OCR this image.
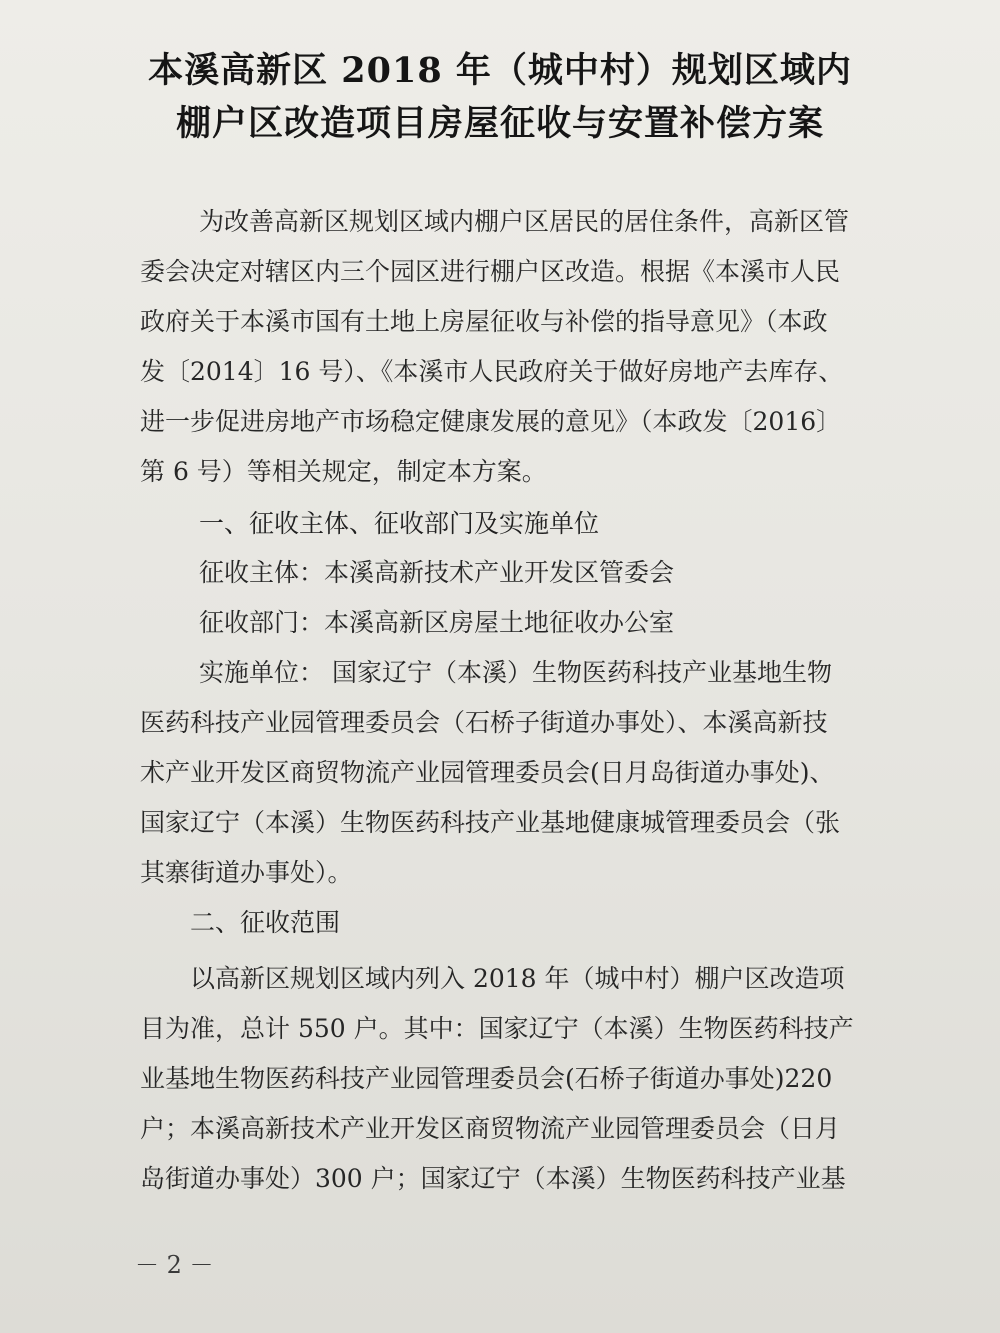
本溪高新区 2018 年（城中村）规划区域内
棚户区改造项目房屋征收与安置补偿方案
为改善高新区规划区域内棚户区居民的居住条件，高新区管
委会决定对辖区内三个园区进行棚户区改造。根据《本溪市人民
政府关于本溪市国有土地上房屋征收与补偿的指导意见》（本政
发〔2014〕16 号）、《本溪市人民政府关于做好房地产去库存、
进一步促进房地产市场稳定健康发展的意见》（本政发〔2016〕
第 6 号）等相关规定，制定本方案。
一、征收主体、征收部门及实施单位
征收主体：本溪高新技术产业开发区管委会
征收部门：本溪高新区房屋土地征收办公室
实施单位： 国家辽宁（本溪）生物医药科技产业基地生物
医药科技产业园管理委员会（石桥子街道办事处）、本溪高新技
术产业开发区商贸物流产业园管理委员会(日月岛街道办事处)、
国家辽宁（本溪）生物医药科技产业基地健康城管理委员会（张
其寨街道办事处）。
二、征收范围
以高新区规划区域内列入 2018 年（城中村）棚户区改造项
目为准，总计 550 户。其中：国家辽宁（本溪）生物医药科技产
业基地生物医药科技产业园管理委员会(石桥子街道办事处)220
户；本溪高新技术产业开发区商贸物流产业园管理委员会（日月
岛街道办事处）300 户；国家辽宁（本溪）生物医药科技产业基
－ 2 －
